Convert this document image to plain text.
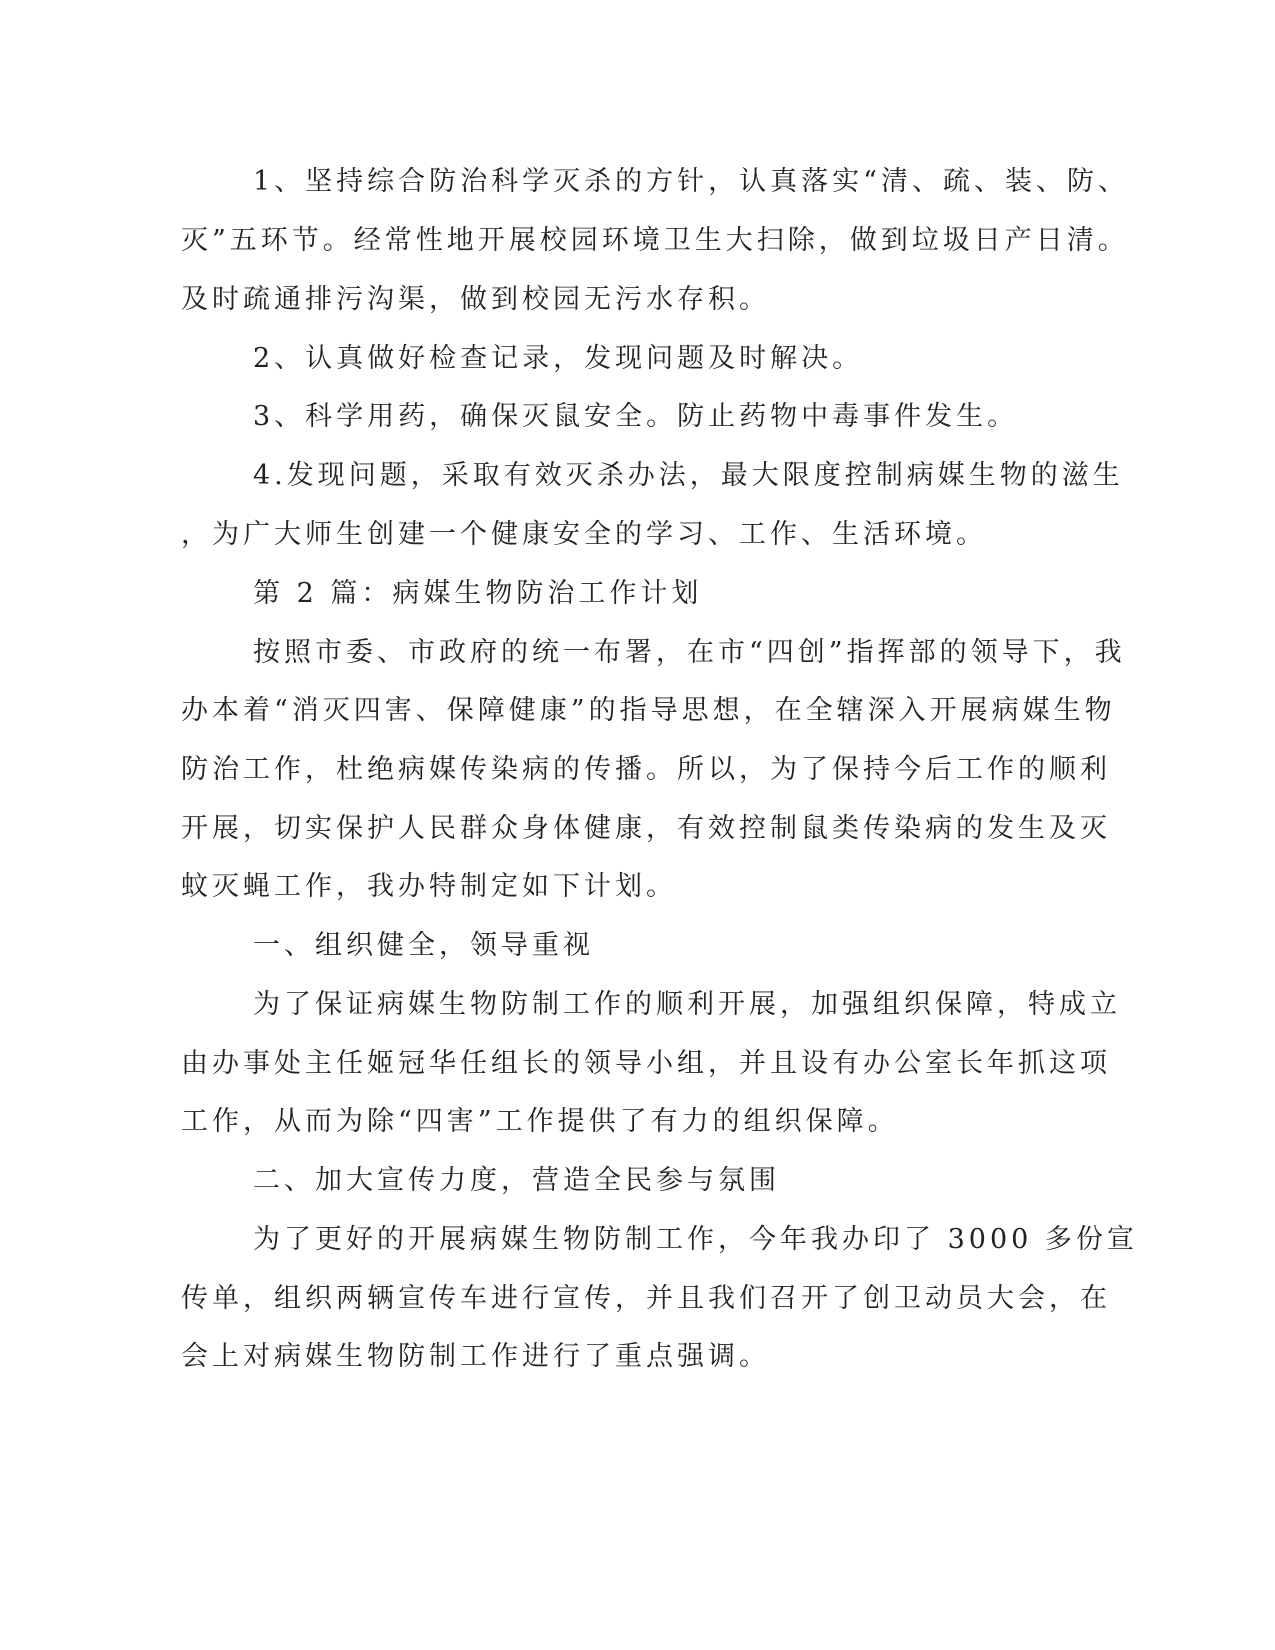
1、坚持综合防治科学灭杀的方针，认真落实“清、疏、装、防、
灭”五环节。经常性地开展校园环境卫生大扫除，做到垃圾日产日清。
及时疏通排污沟渠，做到校园无污水存积。
2、认真做好检查记录，发现问题及时解决。
3、科学用药，确保灭鼠安全。防止药物中毒事件发生。
4.发现问题，采取有效灭杀办法，最大限度控制病媒生物的滋生
，为广大师生创建一个健康安全的学习、工作、生活环境。
第 2 篇：病媒生物防治工作计划
按照市委、市政府的统一布署，在市“四创”指挥部的领导下，我
办本着“消灭四害、保障健康”的指导思想，在全辖深入开展病媒生物
防治工作，杜绝病媒传染病的传播。所以，为了保持今后工作的顺利
开展，切实保护人民群众身体健康，有效控制鼠类传染病的发生及灭
蚊灭蝇工作，我办特制定如下计划。
一、组织健全，领导重视
为了保证病媒生物防制工作的顺利开展，加强组织保障，特成立
由办事处主任姬冠华任组长的领导小组，并且设有办公室长年抓这项
工作，从而为除“四害”工作提供了有力的组织保障。
二、加大宣传力度，营造全民参与氛围
为了更好的开展病媒生物防制工作，今年我办印了 3000 多份宣
传单，组织两辆宣传车进行宣传，并且我们召开了创卫动员大会，在
会上对病媒生物防制工作进行了重点强调。
